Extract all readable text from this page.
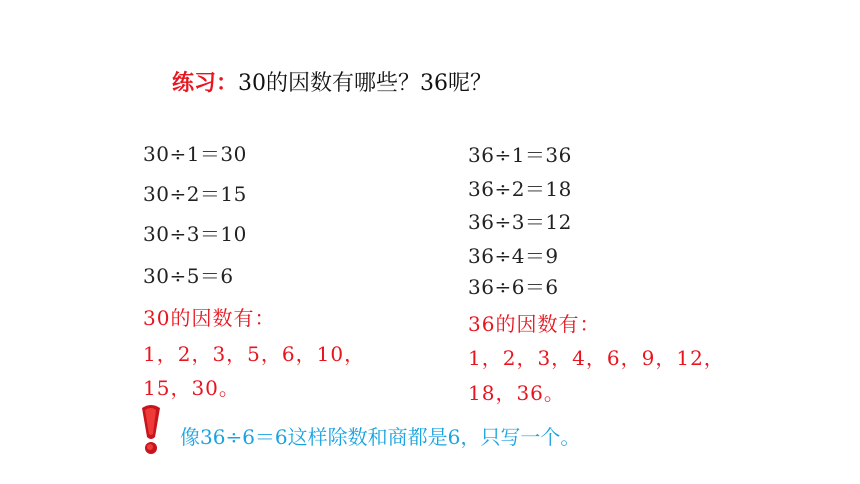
练习：30的因数有哪些？36呢？
30÷1＝30
30÷2＝15
30÷3＝10
30÷5＝6
30的因数有：
1，2，3，5，6，10，
15，30。
36÷1＝36
36÷2＝18
36÷3＝12
36÷4＝9
36÷6＝6
36的因数有：
1，2，3，4，6，9，12，
18，36。
像36÷6＝6这样除数和商都是6，只写一个。
